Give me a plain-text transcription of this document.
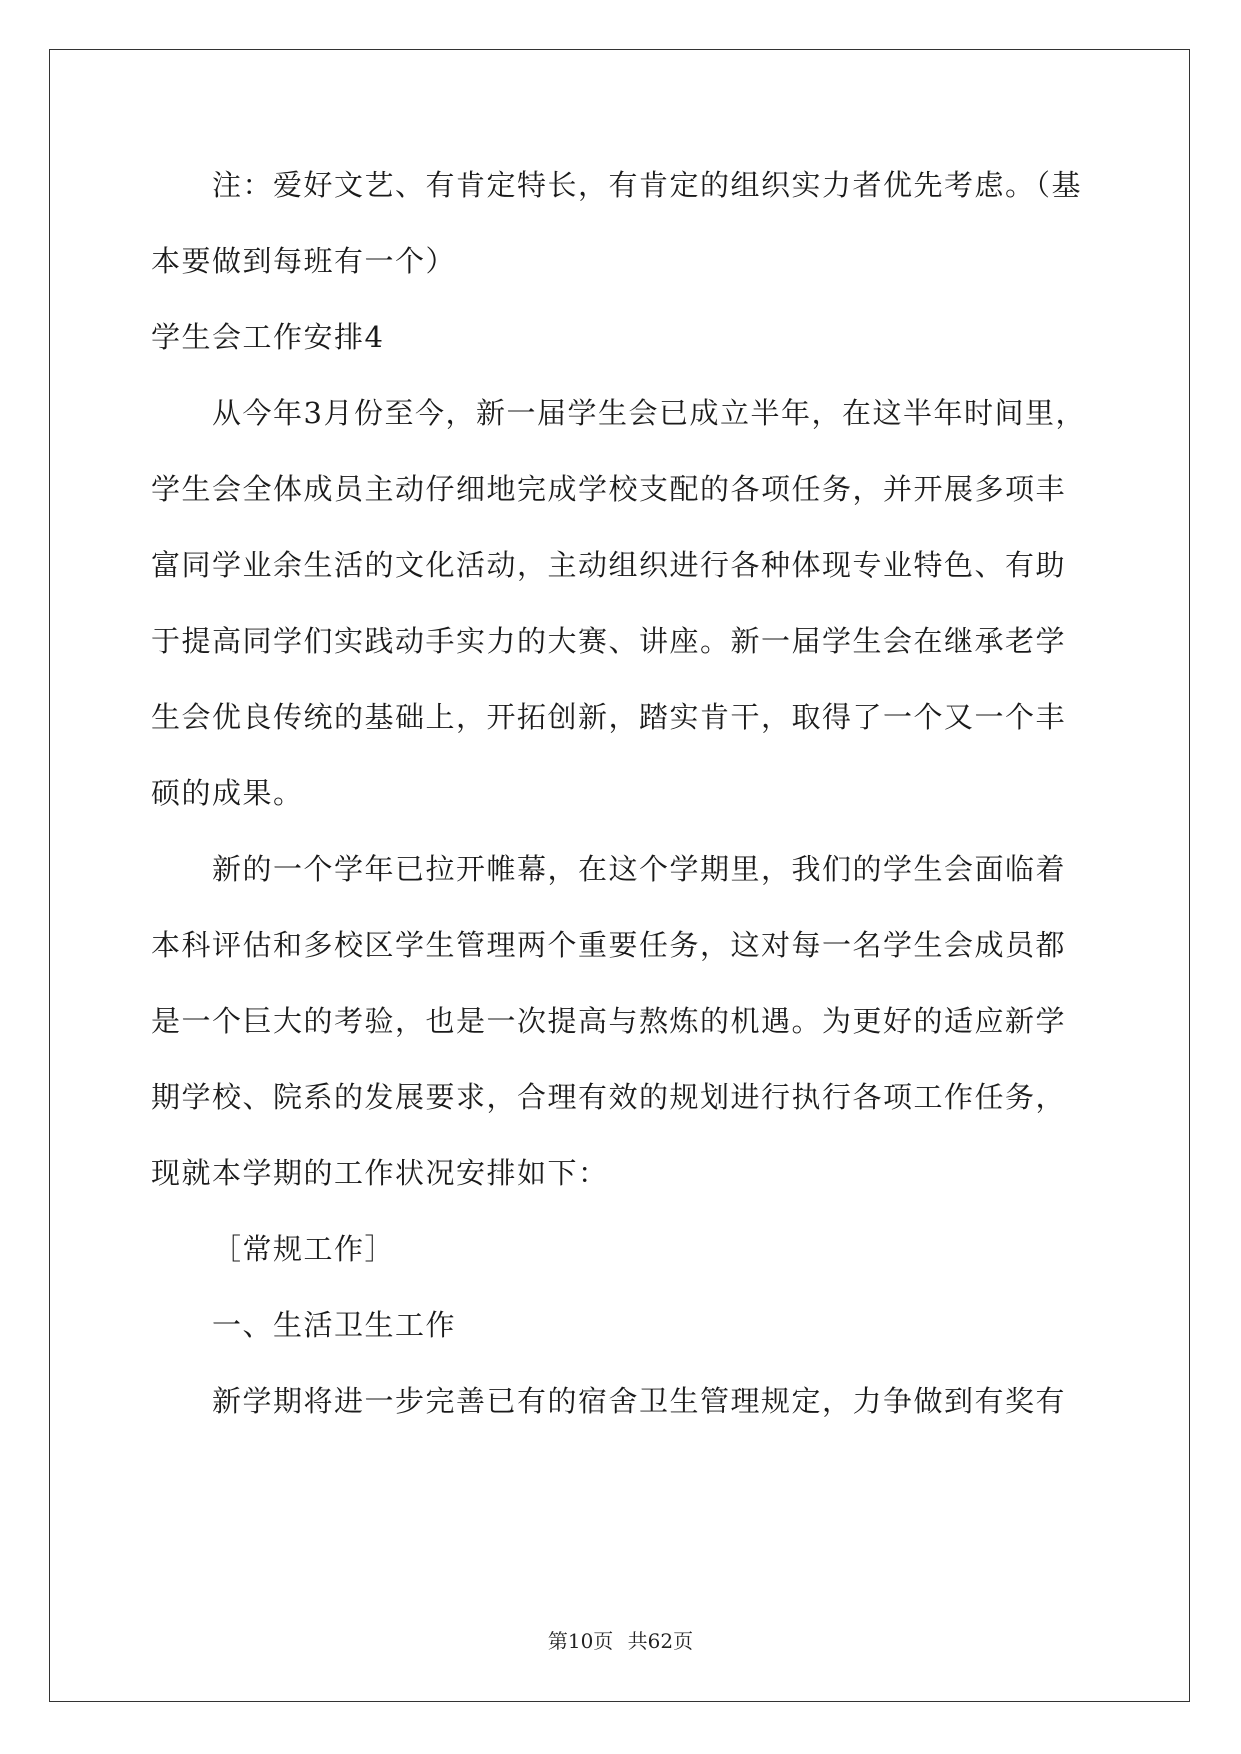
注：爱好文艺、有肯定特长，有肯定的组织实力者优先考虑。（基
本要做到每班有一个）
学生会工作安排4
从今年3月份至今，新一届学生会已成立半年，在这半年时间里，
学生会全体成员主动仔细地完成学校支配的各项任务，并开展多项丰
富同学业余生活的文化活动，主动组织进行各种体现专业特色、有助
于提高同学们实践动手实力的大赛、讲座。新一届学生会在继承老学
生会优良传统的基础上，开拓创新，踏实肯干，取得了一个又一个丰
硕的成果。
新的一个学年已拉开帷幕，在这个学期里，我们的学生会面临着
本科评估和多校区学生管理两个重要任务，这对每一名学生会成员都
是一个巨大的考验，也是一次提高与熬炼的机遇。为更好的适应新学
期学校、院系的发展要求，合理有效的规划进行执行各项工作任务，
现就本学期的工作状况安排如下：
［常规工作］
一、生活卫生工作
新学期将进一步完善已有的宿舍卫生管理规定，力争做到有奖有
第10页 共62页
